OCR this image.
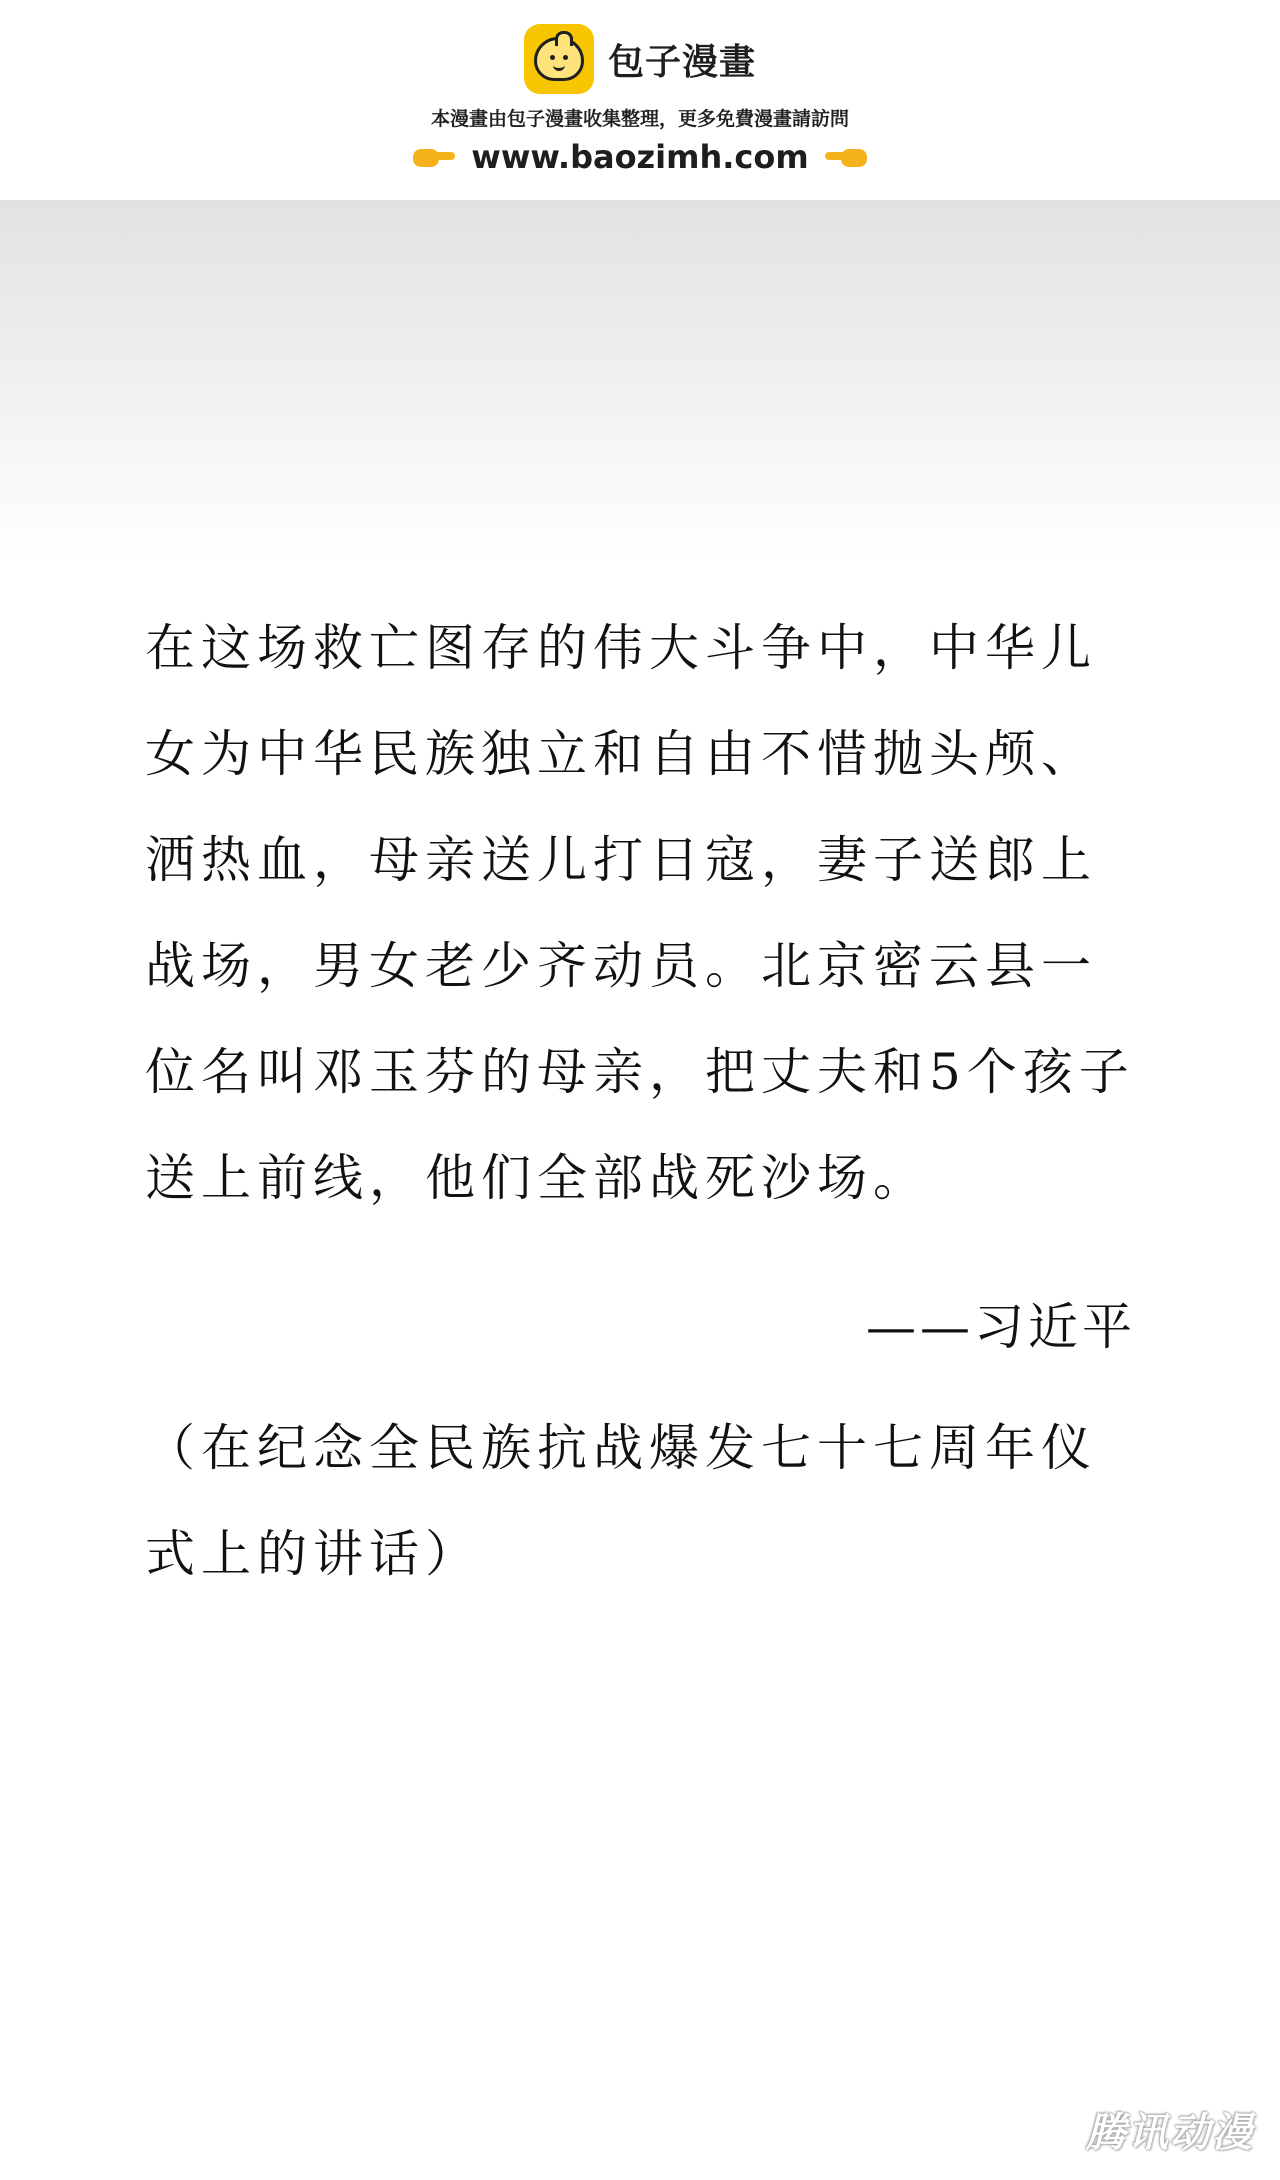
包子漫畫
本漫畫由包子漫畫收集整理，更多免費漫畫請訪問
www.baozimh.com

在这场救亡图存的伟大斗争中，中华儿女为中华民族独立和自由不惜抛头颅、洒热血，母亲送儿打日寇，妻子送郎上战场，男女老少齐动员。北京密云县一位名叫邓玉芬的母亲，把丈夫和5个孩子送上前线，他们全部战死沙场。

——习近平

（在纪念全民族抗战爆发七十七周年仪式上的讲话）

腾讯动漫
